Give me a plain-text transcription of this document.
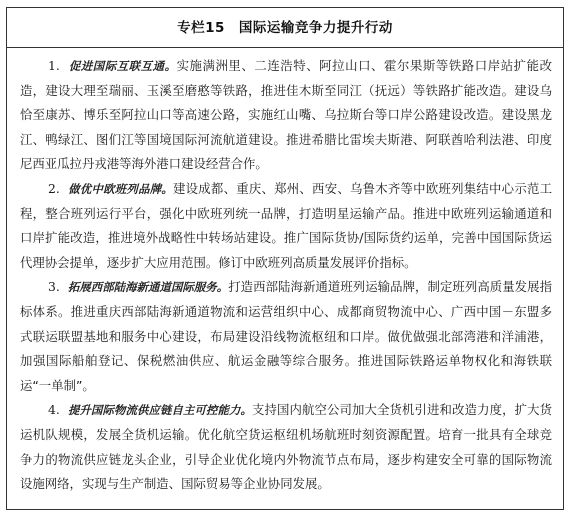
专栏15 国际运输竞争力提升行动

1. 促进国际互联互通。实施满洲里、二连浩特、阿拉山口、霍尔果斯等铁路口岸站扩能改造，建设大理至瑞丽、玉溪至磨憨等铁路，推进佳木斯至同江（抚远）等铁路扩能改造。建设乌恰至康苏、博乐至阿拉山口等高速公路，实施红山嘴、乌拉斯台等口岸公路建设改造。建设黑龙江、鸭绿江、图们江等国境国际河流航道建设。推进希腊比雷埃夫斯港、阿联酋哈利法港、印度尼西亚瓜拉丹戎港等海外港口建设经营合作。

2. 做优中欧班列品牌。建设成都、重庆、郑州、西安、乌鲁木齐等中欧班列集结中心示范工程，整合班列运行平台，强化中欧班列统一品牌，打造明星运输产品。推进中欧班列运输通道和口岸扩能改造，推进境外战略性中转场站建设。推广国际货协/国际货约运单，完善中国国际货运代理协会提单，逐步扩大应用范围。修订中欧班列高质量发展评价指标。

3. 拓展西部陆海新通道国际服务。打造西部陆海新通道班列运输品牌，制定班列高质量发展指标体系。推进重庆西部陆海新通道物流和运营组织中心、成都商贸物流中心、广西中国－东盟多式联运联盟基地和服务中心建设，布局建设沿线物流枢纽和口岸。做优做强北部湾港和洋浦港，加强国际船舶登记、保税燃油供应、航运金融等综合服务。推进国际铁路运单物权化和海铁联运“一单制”。

4. 提升国际物流供应链自主可控能力。支持国内航空公司加大全货机引进和改造力度，扩大货运机队规模，发展全货机运输。优化航空货运枢纽机场航班时刻资源配置。培育一批具有全球竞争力的物流供应链龙头企业，引导企业优化境内外物流节点布局，逐步构建安全可靠的国际物流设施网络，实现与生产制造、国际贸易等企业协同发展。
